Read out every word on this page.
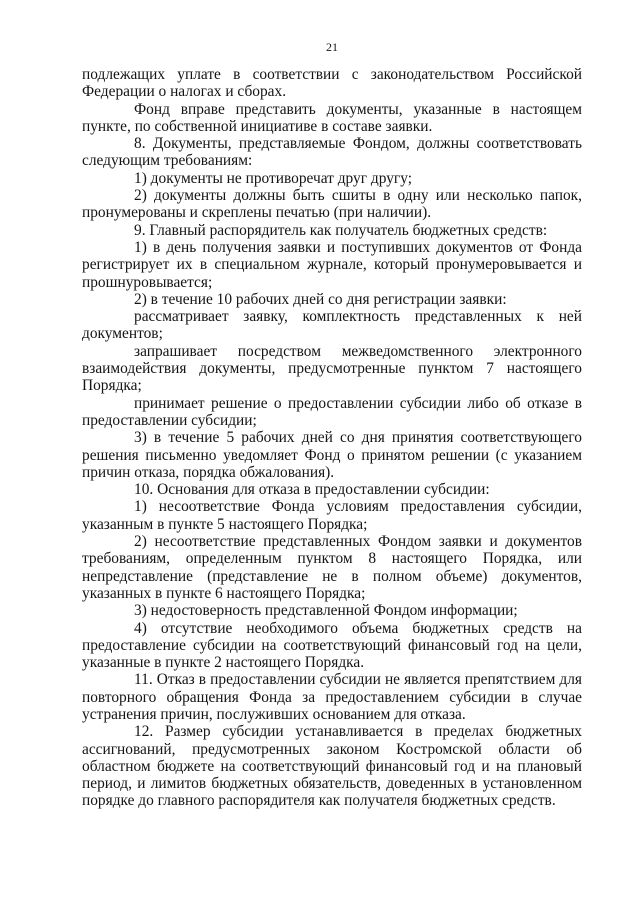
21

подлежащих уплате в соответствии с законодательством Российской Федерации о налогах и сборах.

Фонд вправе представить документы, указанные в настоящем пункте, по собственной инициативе в составе заявки.

8. Документы, представляемые Фондом, должны соответствовать следующим требованиям:

1) документы не противоречат друг другу;

2) документы должны быть сшиты в одну или несколько папок, пронумерованы и скреплены печатью (при наличии).

9. Главный распорядитель как получатель бюджетных средств:

1) в день получения заявки и поступивших документов от Фонда регистрирует их в специальном журнале, который пронумеровывается и прошнуровывается;

2) в течение 10 рабочих дней со дня регистрации заявки:

рассматривает заявку, комплектность представленных к ней документов;

запрашивает посредством межведомственного электронного взаимодействия документы, предусмотренные пунктом 7 настоящего Порядка;

принимает решение о предоставлении субсидии либо об отказе в предоставлении субсидии;

3) в течение 5 рабочих дней со дня принятия соответствующего решения письменно уведомляет Фонд о принятом решении (с указанием причин отказа, порядка обжалования).

10. Основания для отказа в предоставлении субсидии:

1) несоответствие Фонда условиям предоставления субсидии, указанным в пункте 5 настоящего Порядка;

2) несоответствие представленных Фондом заявки и документов требованиям, определенным пунктом 8 настоящего Порядка, или непредставление (представление не в полном объеме) документов, указанных в пункте 6 настоящего Порядка;

3) недостоверность представленной Фондом информации;

4) отсутствие необходимого объема бюджетных средств на предоставление субсидии на соответствующий финансовый год на цели, указанные в пункте 2 настоящего Порядка.

11. Отказ в предоставлении субсидии не является препятствием для повторного обращения Фонда за предоставлением субсидии в случае устранения причин, послуживших основанием для отказа.

12. Размер субсидии устанавливается в пределах бюджетных ассигнований, предусмотренных законом Костромской области об областном бюджете на соответствующий финансовый год и на плановый период, и лимитов бюджетных обязательств, доведенных в установленном порядке до главного распорядителя как получателя бюджетных средств.
